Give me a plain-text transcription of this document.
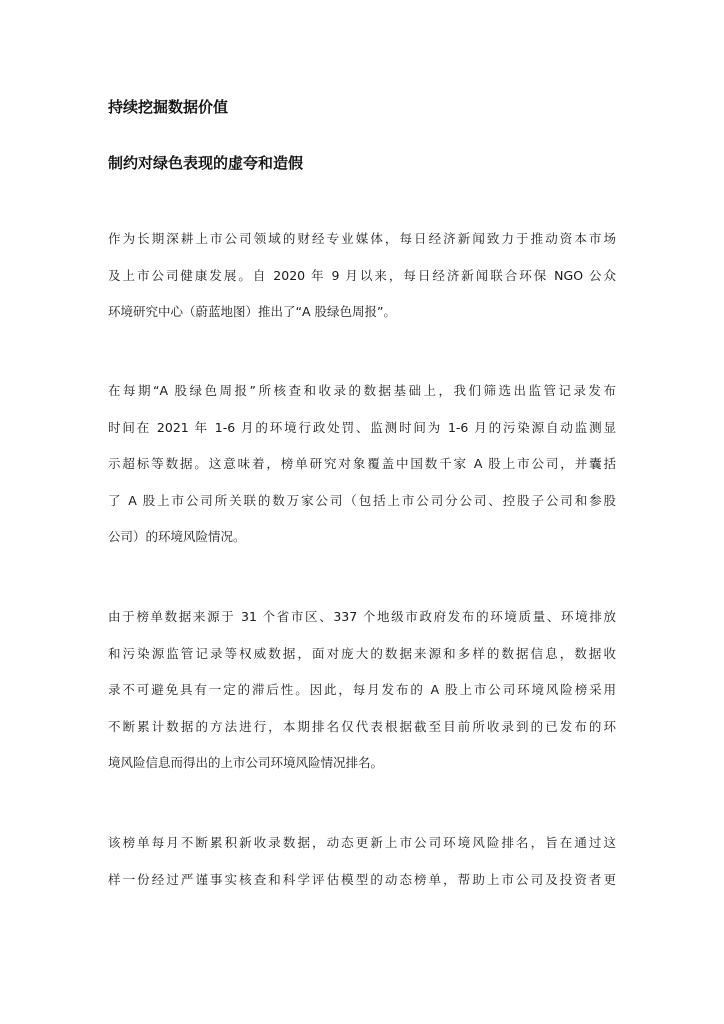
持续挖掘数据价值
制约对绿色表现的虚夸和造假
作为长期深耕上市公司领域的财经专业媒体，每日经济新闻致力于推动资本市场
及上市公司健康发展。自 2020 年 9 月以来，每日经济新闻联合环保 NGO 公众
环境研究中心（蔚蓝地图）推出了“A 股绿色周报”。
在每期“A 股绿色周报”所核查和收录的数据基础上，我们筛选出监管记录发布
时间在 2021 年 1-6 月的环境行政处罚、监测时间为 1-6 月的污染源自动监测显
示超标等数据。这意味着，榜单研究对象覆盖中国数千家 A 股上市公司，并囊括
了 A 股上市公司所关联的数万家公司（包括上市公司分公司、控股子公司和参股
公司）的环境风险情况。
由于榜单数据来源于 31 个省市区、337 个地级市政府发布的环境质量、环境排放
和污染源监管记录等权威数据，面对庞大的数据来源和多样的数据信息，数据收
录不可避免具有一定的滞后性。因此，每月发布的 A 股上市公司环境风险榜采用
不断累计数据的方法进行，本期排名仅代表根据截至目前所收录到的已发布的环
境风险信息而得出的上市公司环境风险情况排名。
该榜单每月不断累积新收录数据，动态更新上市公司环境风险排名，旨在通过这
样一份经过严谨事实核查和科学评估模型的动态榜单，帮助上市公司及投资者更
